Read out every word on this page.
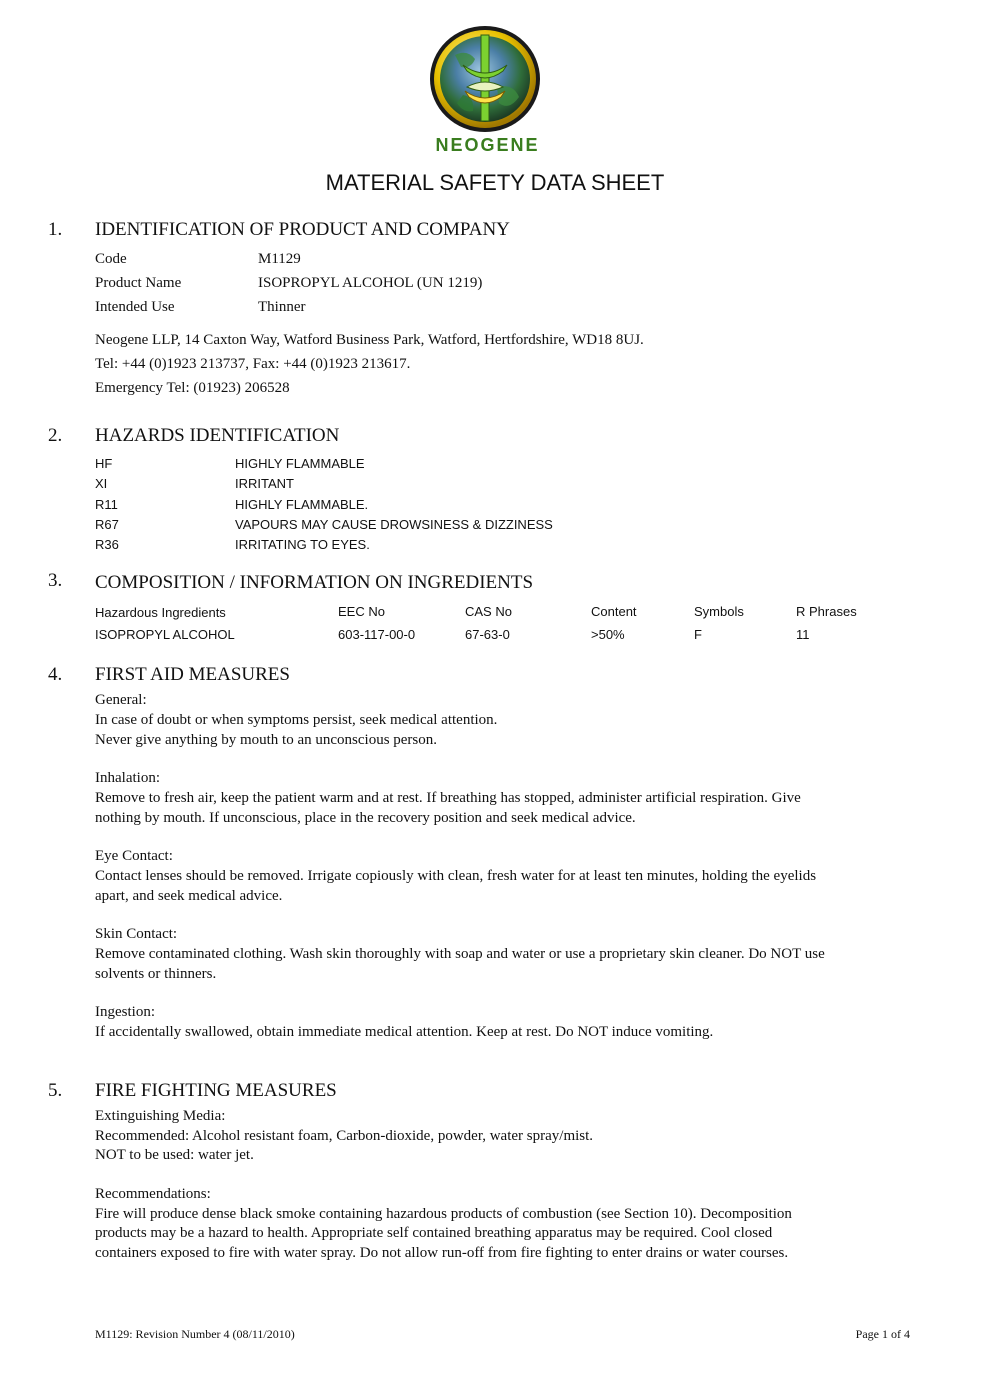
NEOGENE
MATERIAL SAFETY DATA SHEET
1. IDENTIFICATION OF PRODUCT AND COMPANY
Code	M1129
Product Name	ISOPROPYL ALCOHOL (UN 1219)
Intended Use	Thinner
Neogene LLP, 14 Caxton Way, Watford Business Park, Watford, Hertfordshire, WD18 8UJ.
Tel: +44 (0)1923 213737, Fax: +44 (0)1923 213617.
Emergency Tel: (01923) 206528
2. HAZARDS IDENTIFICATION
HF	HIGHLY FLAMMABLE
XI	IRRITANT
R11	HIGHLY FLAMMABLE.
R67	VAPOURS MAY CAUSE DROWSINESS & DIZZINESS
R36	IRRITATING TO EYES.
3. COMPOSITION / INFORMATION ON INGREDIENTS
Hazardous Ingredients	EEC No	CAS No	Content	Symbols	R Phrases
ISOPROPYL ALCOHOL	603-117-00-0	67-63-0	>50%	F	11
4. FIRST AID MEASURES
General:
In case of doubt or when symptoms persist, seek medical attention.
Never give anything by mouth to an unconscious person.
Inhalation:
Remove to fresh air, keep the patient warm and at rest. If breathing has stopped, administer artificial respiration. Give
nothing by mouth. If unconscious, place in the recovery position and seek medical advice.
Eye Contact:
Contact lenses should be removed. Irrigate copiously with clean, fresh water for at least ten minutes, holding the eyelids
apart, and seek medical advice.
Skin Contact:
Remove contaminated clothing. Wash skin thoroughly with soap and water or use a proprietary skin cleaner. Do NOT use
solvents or thinners.
Ingestion:
If accidentally swallowed, obtain immediate medical attention. Keep at rest. Do NOT induce vomiting.
5. FIRE FIGHTING MEASURES
Extinguishing Media:
Recommended: Alcohol resistant foam, Carbon-dioxide, powder, water spray/mist.
NOT to be used: water jet.
Recommendations:
Fire will produce dense black smoke containing hazardous products of combustion (see Section 10). Decomposition
products may be a hazard to health. Appropriate self contained breathing apparatus may be required. Cool closed
containers exposed to fire with water spray. Do not allow run-off from fire fighting to enter drains or water courses.
M1129: Revision Number 4 (08/11/2010)	Page 1 of 4
